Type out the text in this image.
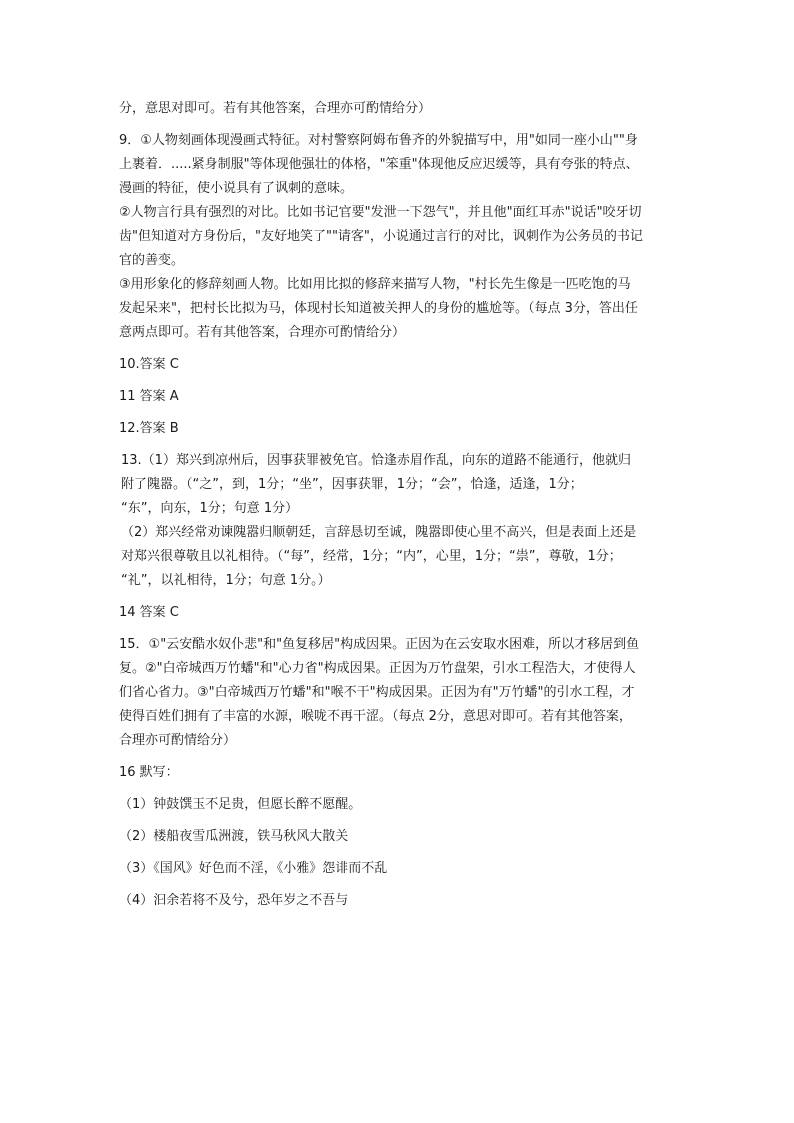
分，意思对即可。若有其他答案，合理亦可酌情给分）
9．①人物刻画体现漫画式特征。对村警察阿姆布鲁齐的外貌描写中，用"如同一座小山""身
上裹着．.....紧身制服"等体现他强壮的体格，"笨重"体现他反应迟缓等，具有夸张的特点、
漫画的特征，使小说具有了讽刺的意味。
②人物言行具有强烈的对比。比如书记官要"发泄一下怨气"，并且他"面红耳赤"说话"咬牙切
齿"但知道对方身份后，"友好地笑了""请客"，小说通过言行的对比，讽刺作为公务员的书记
官的善变。
③用形象化的修辞刻画人物。比如用比拟的修辞来描写人物，"村长先生像是一匹吃饱的马
发起呆来"，把村长比拟为马，体现村长知道被关押人的身份的尴尬等。（每点 3分，答出任
意两点即可。若有其他答案，合理亦可酌情给分）
10.答案 C
11 答案 A
12.答案 B
13.（1）郑兴到凉州后，因事获罪被免官。恰逢赤眉作乱，向东的道路不能通行，他就归
附了隗嚣。（“之”，到，1分；“坐”，因事获罪，1分；“会”，恰逢，适逢，1分；
“东”，向东，1分；句意 1分）
（2）郑兴经常劝谏隗嚣归顺朝廷，言辞恳切至诚，隗嚣即使心里不高兴，但是表面上还是
对郑兴很尊敬且以礼相待。（“每”，经常，1分；“内”，心里，1分；“祟”，尊敬，1分；
“礼”，以礼相待，1分；句意 1分。）
14 答案 C
15．①"云安酷水奴仆悲"和"鱼复移居"构成因果。正因为在云安取水困难，所以才移居到鱼
复。②"白帝城西万竹蟠"和"心力省"构成因果。正因为万竹盘架，引水工程浩大，才使得人
们省心省力。③"白帝城西万竹蟠"和"喉不干"构成因果。正因为有"万竹蟠"的引水工程，才
使得百姓们拥有了丰富的水源，喉咙不再干涩。（每点 2分，意思对即可。若有其他答案，
合理亦可酌情给分）
16 默写：
（1）钟鼓馔玉不足贵，但愿长醉不愿醒。
（2）楼船夜雪瓜洲渡，铁马秋风大散关
（3）《国风》好色而不淫，《小雅》怨诽而不乱
（4）汩余若将不及兮，恐年岁之不吾与
